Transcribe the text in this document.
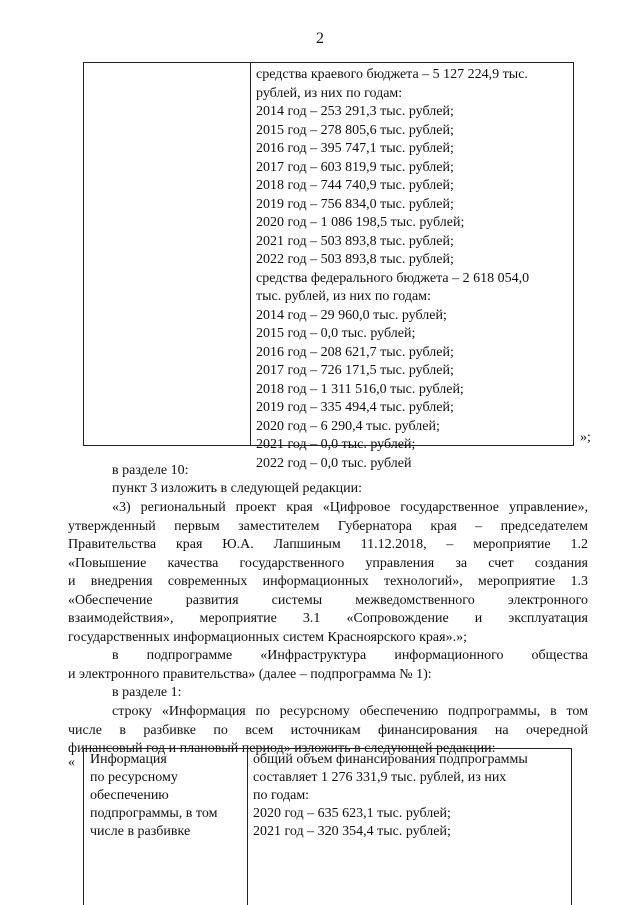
2
средства краевого бюджета – 5 127 224,9 тыс.
рублей, из них по годам:
2014 год – 253 291,3 тыс. рублей;
2015 год – 278 805,6 тыс. рублей;
2016 год – 395 747,1 тыс. рублей;
2017 год – 603 819,9 тыс. рублей;
2018 год – 744 740,9 тыс. рублей;
2019 год – 756 834,0 тыс. рублей;
2020 год – 1 086 198,5 тыс. рублей;
2021 год – 503 893,8 тыс. рублей;
2022 год – 503 893,8 тыс. рублей;
средства федерального бюджета – 2 618 054,0
тыс. рублей, из них по годам:
2014 год – 29 960,0 тыс. рублей;
2015 год – 0,0 тыс. рублей;
2016 год – 208 621,7 тыс. рублей;
2017 год – 726 171,5 тыс. рублей;
2018 год – 1 311 516,0 тыс. рублей;
2019 год – 335 494,4 тыс. рублей;
2020 год – 6 290,4 тыс. рублей;
2021 год – 0,0 тыс. рублей;
2022 год – 0,0 тыс. рублей
»;
в разделе 10:
пункт 3 изложить в следующей редакции:
«3) региональный проект края «Цифровое государственное управление»,
утвержденный первым заместителем Губернатора края – председателем
Правительства края Ю.А. Лапшиным 11.12.2018, – мероприятие 1.2
«Повышение качества государственного управления за счет создания
и внедрения современных информационных технологий», мероприятие 1.3
«Обеспечение развития системы межведомственного электронного
взаимодействия», мероприятие 3.1 «Сопровождение и эксплуатация
государственных информационных систем Красноярского края».»;
в подпрограмме «Инфраструктура информационного общества
и электронного правительства» (далее – подпрограмма № 1):
в разделе 1:
строку «Информация по ресурсному обеспечению подпрограммы, в том
числе в разбивке по всем источникам финансирования на очередной
финансовый год и плановый период» изложить в следующей редакции:
« Информация
по ресурсному
обеспечению
подпрограммы, в том
числе в разбивке
общий объем финансирования подпрограммы
составляет 1 276 331,9 тыс. рублей, из них
по годам:
2020 год – 635 623,1 тыс. рублей;
2021 год – 320 354,4 тыс. рублей;
